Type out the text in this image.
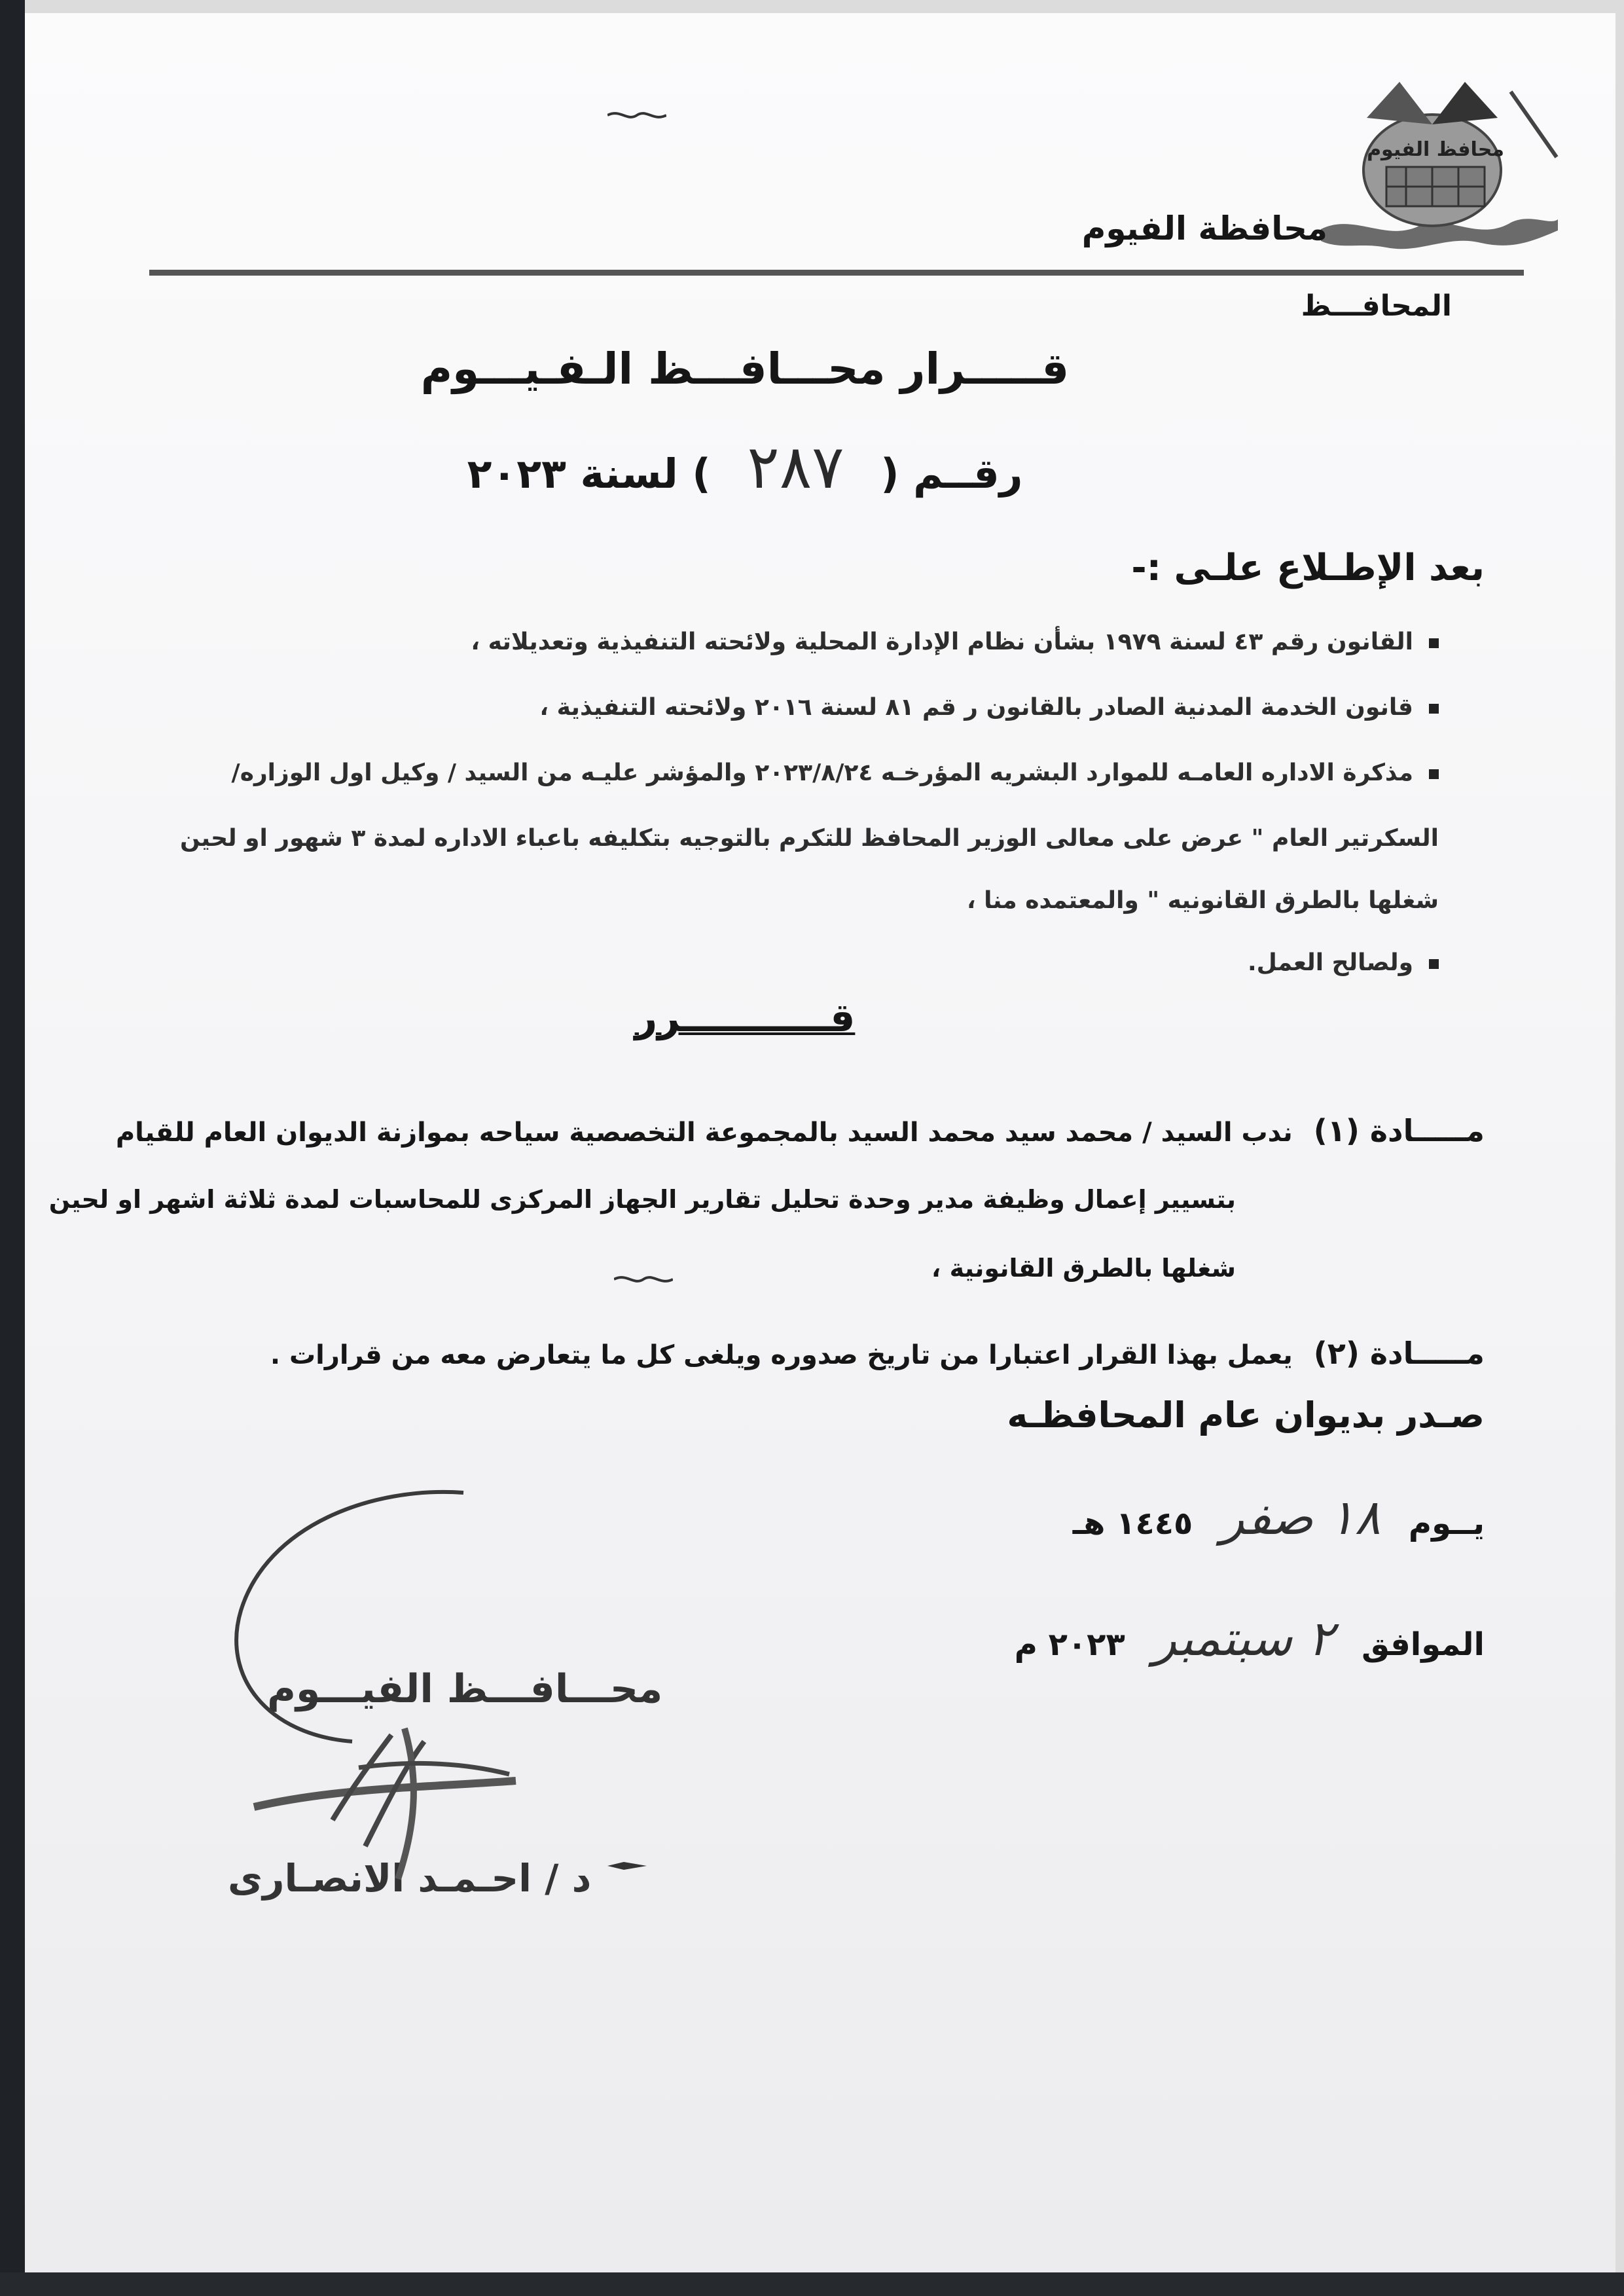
محافظ الفيوم
محافظة الفيوم
المحافـــظ
قـــــرار محـــافـــظ الـفـيـــوم
رقــم ( ٢٨٧ ) لسنة ٢٠٢٣
بعد الإطـلاع علـى :-
القانون رقم ٤٣ لسنة ١٩٧٩ بشأن نظام الإدارة المحلية ولائحته التنفيذية وتعديلاته ،
قانون الخدمة المدنية الصادر بالقانون ر قم ٨١ لسنة ٢٠١٦ ولائحته التنفيذية ،
مذكرة الاداره العامـه للموارد البشريه المؤرخـه ٢٠٢٣/٨/٢٤ والمؤشر عليـه من السيد / وكيل اول الوزاره/
السكرتير العام " عرض على معالى الوزير المحافظ للتكرم بالتوجيه بتكليفه باعباء الاداره لمدة ٣ شهور او لحين
شغلها بالطرق القانونيه " والمعتمده منا ،
ولصالح العمل.
قـــــــــــرر
مـــــادة (١) ندب السيد / محمد سيد محمد السيد بالمجموعة التخصصية سياحه بموازنة الديوان العام للقيام
بتسيير إعمال وظيفة مدير وحدة تحليل تقارير الجهاز المركزى للمحاسبات لمدة ثلاثة اشهر او لحين
شغلها بالطرق القانونية ،
مـــــادة (٢) يعمل بهذا القرار اعتبارا من تاريخ صدوره ويلغى كل ما يتعارض معه من قرارات .
صـدر بديوان عام المحافظـه
يــوم ١٨ صفر ١٤٤٥ هـ
الموافق ٢ سبتمبر ٢٠٢٣ م
محـــافـــظ الفيـــوم
د / احـمـد الانصـارى
